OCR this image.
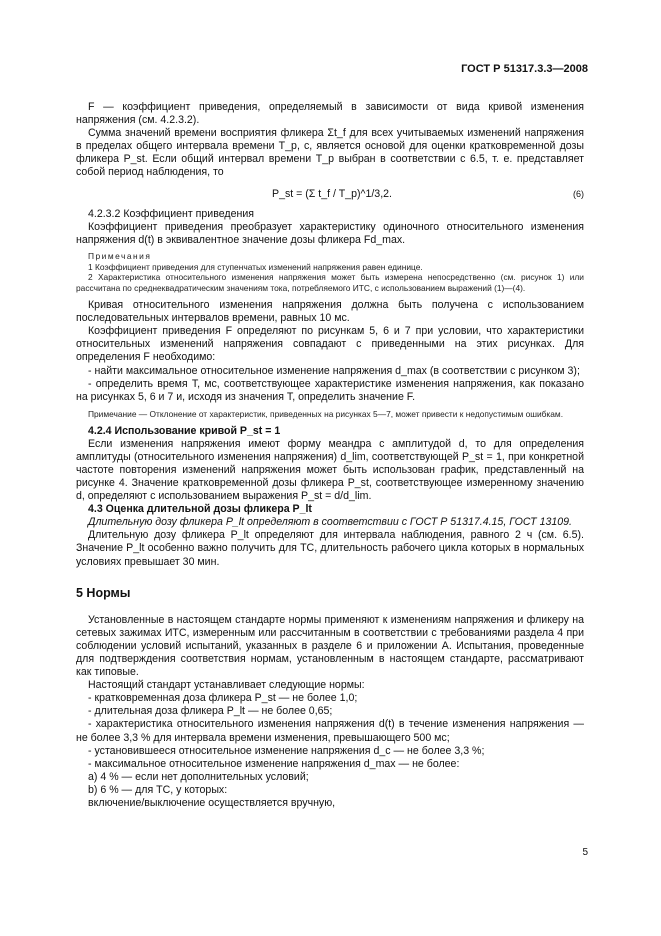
ГОСТ Р 51317.3.3—2008

F — коэффициент приведения, определяемый в зависимости от вида кривой изменения напряжения (см. 4.2.3.2).

Сумма значений времени восприятия фликера Σt_f для всех учитываемых изменений напряжения в пределах общего интервала времени T_p, с, является основой для оценки кратковременной дозы фликера P_st. Если общий интервал времени T_p выбран в соответствии с 6.5, т. е. представляет собой период наблюдения, то

P_st = (Σ t_f / T_p)^1/3,2.	(6)

4.2.3.2 Коэффициент приведения

Коэффициент приведения преобразует характеристику одиночного относительного изменения напряжения d(t) в эквивалентное значение дозы фликера Fd_max.

Примечания

1 Коэффициент приведения для ступенчатых изменений напряжения равен единице.

2 Характеристика относительного изменения напряжения может быть измерена непосредственно (см. рисунок 1) или рассчитана по среднеквадратическим значениям тока, потребляемого ИТС, с использованием выражений (1)—(4).

Кривая относительного изменения напряжения должна быть получена с использованием последовательных интервалов времени, равных 10 мс.

Коэффициент приведения F определяют по рисункам 5, 6 и 7 при условии, что характеристики относительных изменений напряжения совпадают с приведенными на этих рисунках. Для определения F необходимо:

- найти максимальное относительное изменение напряжения d_max (в соответствии с рисунком 3);

- определить время T, мс, соответствующее характеристике изменения напряжения, как показано на рисунках 5, 6 и 7 и, исходя из значения T, определить значение F.

Примечание — Отклонение от характеристик, приведенных на рисунках 5—7, может привести к недопустимым ошибкам.

4.2.4 Использование кривой P_st = 1

Если изменения напряжения имеют форму меандра с амплитудой d, то для определения амплитуды (относительного изменения напряжения) d_lim, соответствующей P_st = 1, при конкретной частоте повторения изменений напряжения может быть использован график, представленный на рисунке 4. Значение кратковременной дозы фликера P_st, соответствующее измеренному значению d, определяют с использованием выражения P_st = d/d_lim.

4.3 Оценка длительной дозы фликера P_lt

Длительную дозу фликера P_lt определяют в соответствии с ГОСТ Р 51317.4.15, ГОСТ 13109.

Длительную дозу фликера P_lt определяют для интервала наблюдения, равного 2 ч (см. 6.5). Значение P_lt особенно важно получить для ТС, длительность рабочего цикла которых в нормальных условиях превышает 30 мин.

5 Нормы

Установленные в настоящем стандарте нормы применяют к изменениям напряжения и фликеру на сетевых зажимах ИТС, измеренным или рассчитанным в соответствии с требованиями раздела 4 при соблюдении условий испытаний, указанных в разделе 6 и приложении А. Испытания, проведенные для подтверждения соответствия нормам, установленным в настоящем стандарте, рассматривают как типовые.

Настоящий стандарт устанавливает следующие нормы:

- кратковременная доза фликера P_st — не более 1,0;

- длительная доза фликера P_lt — не более 0,65;

- характеристика относительного изменения напряжения d(t) в течение изменения напряжения — не более 3,3 % для интервала времени изменения, превышающего 500 мс;

- установившееся относительное изменение напряжения d_c — не более 3,3 %;

- максимальное относительное изменение напряжения d_max — не более:

a) 4 % — если нет дополнительных условий;

b) 6 % — для ТС, у которых:

включение/выключение осуществляется вручную,

5
